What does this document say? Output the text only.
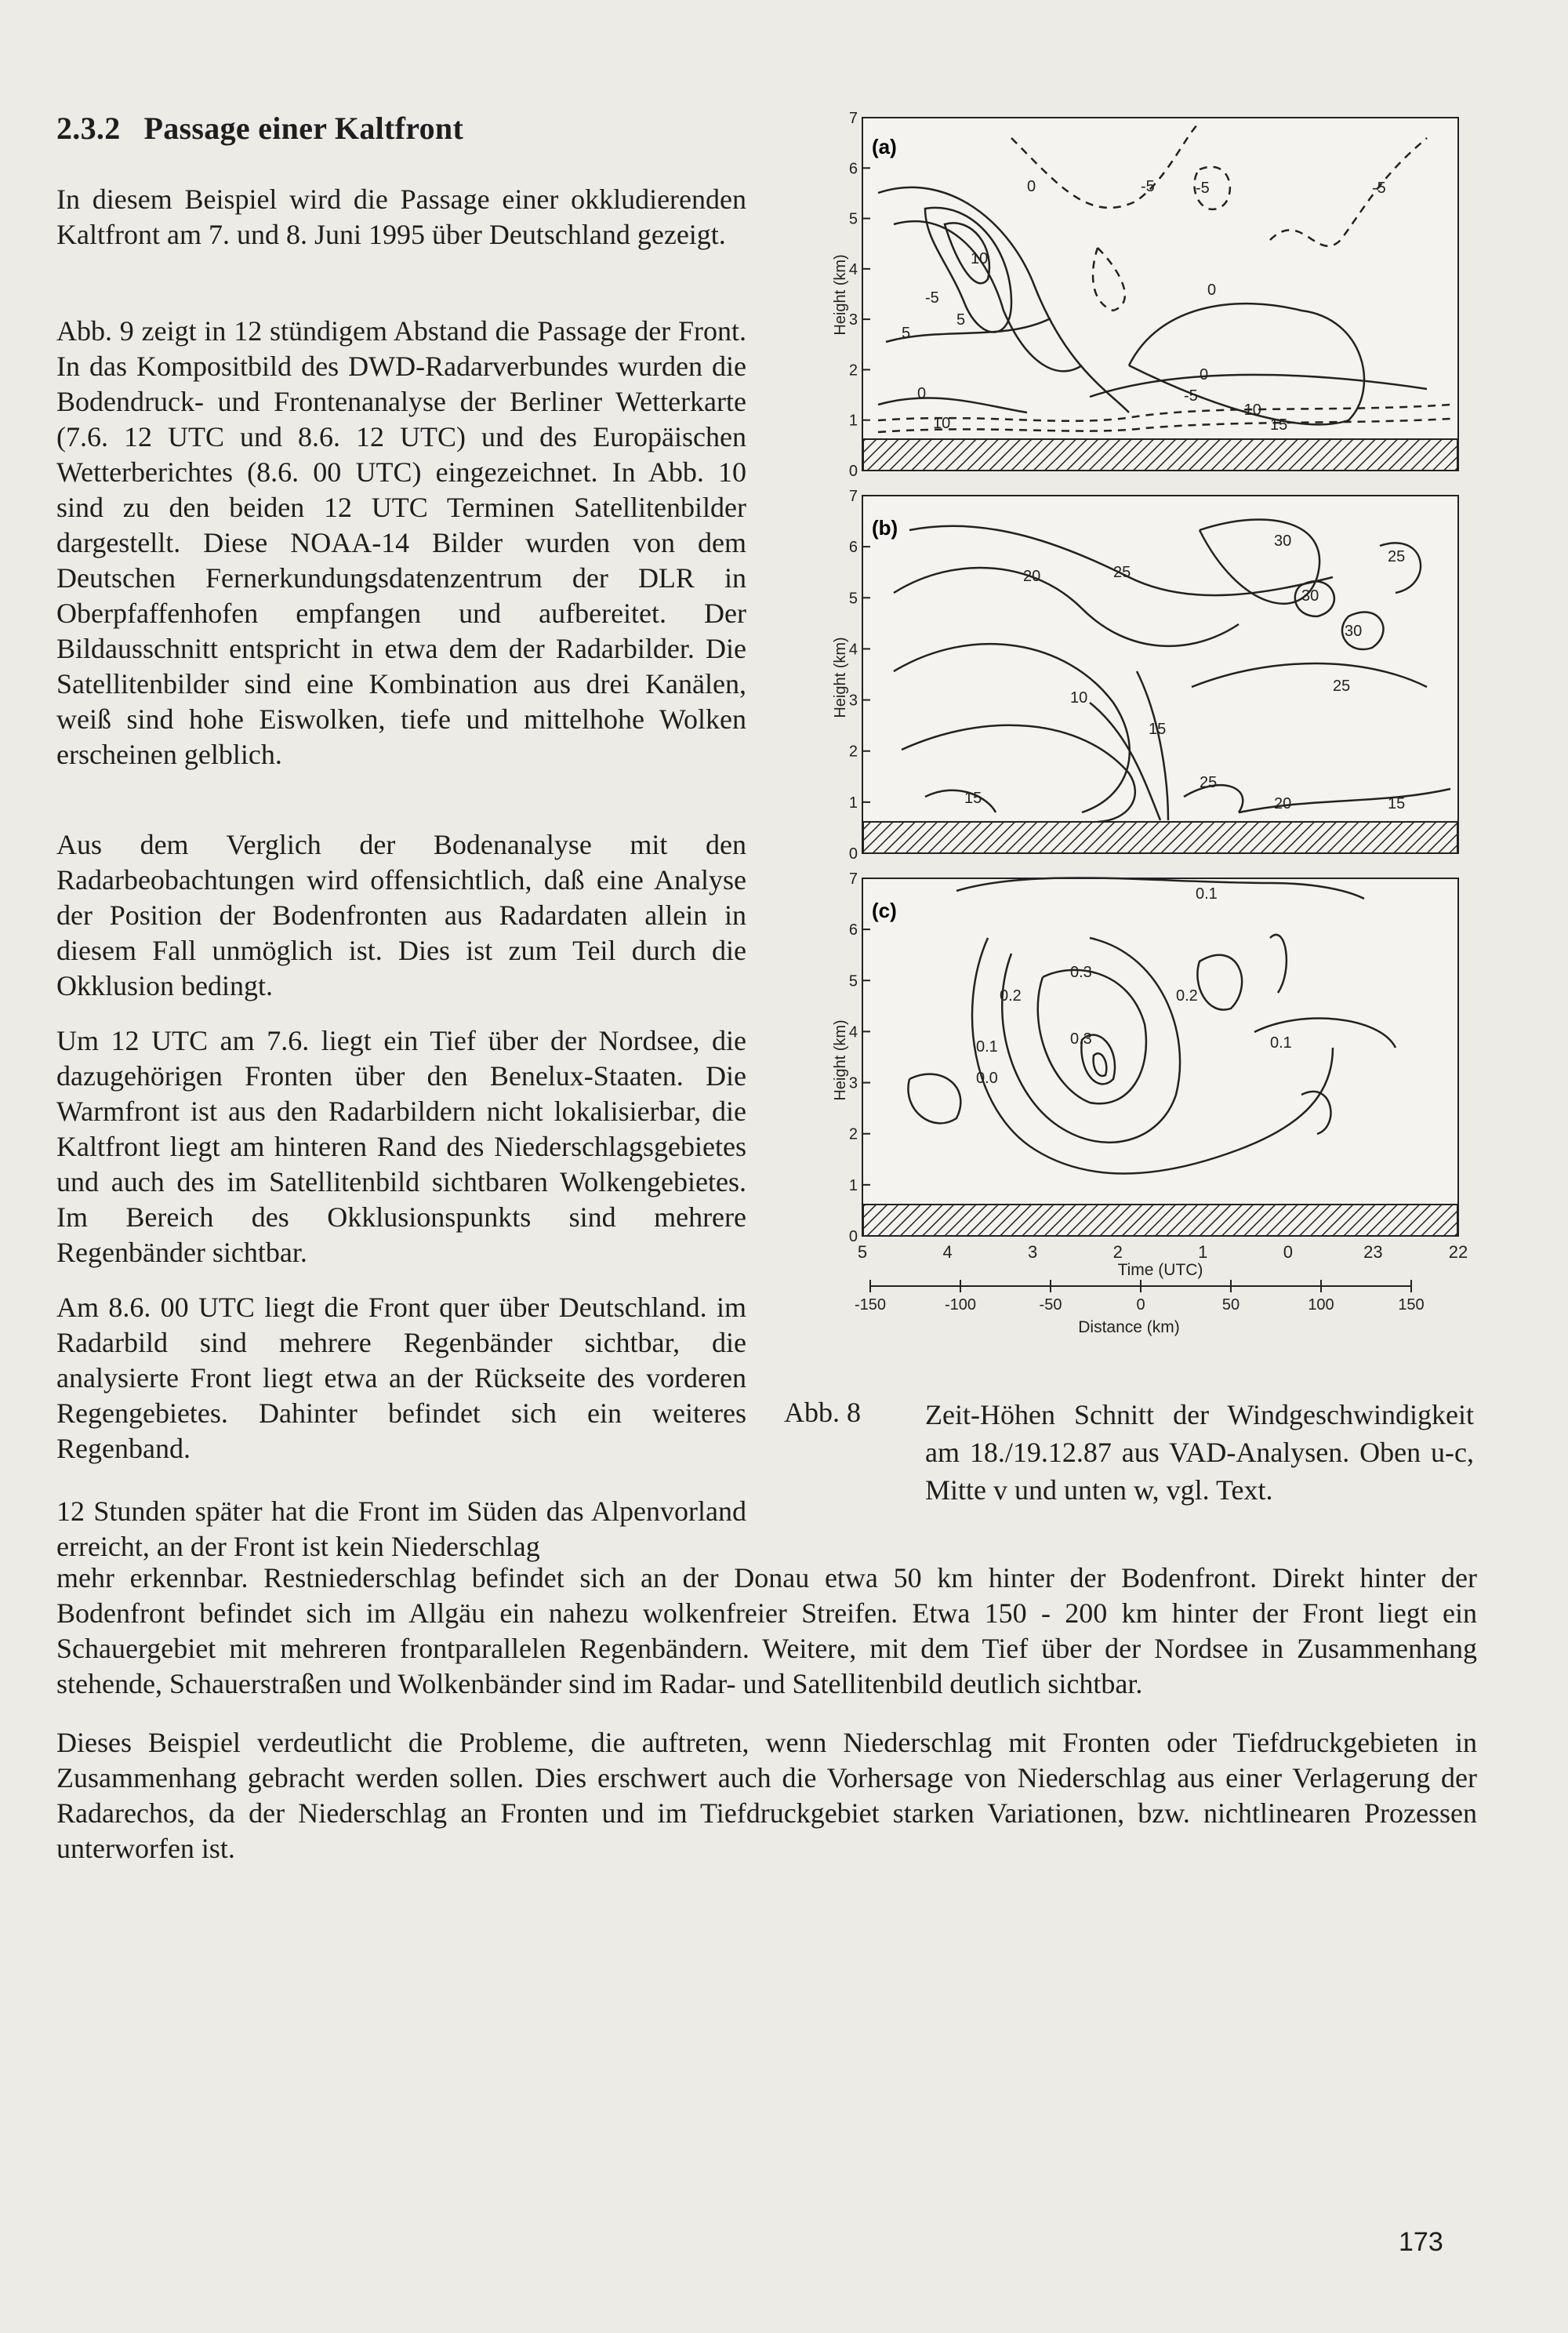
2.3.2 Passage einer Kaltfront

In diesem Beispiel wird die Passage einer okkludierenden Kaltfront am 7. und 8. Juni 1995 über Deutschland gezeigt.

Abb. 9 zeigt in 12 stündigem Abstand die Passage der Front. In das Kompositbild des DWD-Radarverbundes wurden die Bodendruck- und Frontenanalyse der Berliner Wetterkarte (7.6. 12 UTC und 8.6. 12 UTC) und des Europäischen Wetterberichtes (8.6. 00 UTC) eingezeichnet. In Abb. 10 sind zu den beiden 12 UTC Terminen Satellitenbilder dargestellt. Diese NOAA-14 Bilder wurden von dem Deutschen Fernerkundungsdatenzentrum der DLR in Oberpfaffenhofen empfangen und aufbereitet. Der Bildausschnitt entspricht in etwa dem der Radarbilder. Die Satellitenbilder sind eine Kombination aus drei Kanälen, weiß sind hohe Eiswolken, tiefe und mittelhohe Wolken erscheinen gelblich.

Aus dem Verglich der Bodenanalyse mit den Radarbeobachtungen wird offensichtlich, daß eine Analyse der Position der Bodenfronten aus Radardaten allein in diesem Fall unmöglich ist. Dies ist zum Teil durch die Okklusion bedingt.

Um 12 UTC am 7.6. liegt ein Tief über der Nordsee, die dazugehörigen Fronten über den Benelux-Staaten. Die Warmfront ist aus den Radarbildern nicht lokalisierbar, die Kaltfront liegt am hinteren Rand des Niederschlagsgebietes und auch des im Satellitenbild sichtbaren Wolkengebietes. Im Bereich des Okklusionspunkts sind mehrere Regenbänder sichtbar.

Am 8.6. 00 UTC liegt die Front quer über Deutschland. im Radarbild sind mehrere Regenbänder sichtbar, die analysierte Front liegt etwa an der Rückseite des vorderen Regengebietes. Dahinter befindet sich ein weiteres Regenband.

12 Stunden später hat die Front im Süden das Alpenvorland erreicht, an der Front ist kein Niederschlag

mehr erkennbar. Restniederschlag befindet sich an der Donau etwa 50 km hinter der Bodenfront. Direkt hinter der Bodenfront befindet sich im Allgäu ein nahezu wolkenfreier Streifen. Etwa 150 - 200 km hinter der Front liegt ein Schauergebiet mit mehreren frontparallelen Regenbändern. Weitere, mit dem Tief über der Nordsee in Zusammenhang stehende, Schauerstraßen und Wolkenbänder sind im Radar- und Satellitenbild deutlich sichtbar.

Dieses Beispiel verdeutlicht die Probleme, die auftreten, wenn Niederschlag mit Fronten oder Tiefdruckgebieten in Zusammenhang gebracht werden sollen. Dies erschwert auch die Vorhersage von Niederschlag aus einer Verlagerung der Radarechos, da der Niederschlag an Fronten und im Tiefdruckgebiet starken Variationen, bzw. nichtlinearen Prozessen unterworfen ist.

(a)
0
-5
-5	-5
5
10
5
-5
0
0
-5
-10
10	15
0
(b)
25
20
30
25
30
30
25
15
10
25
15	20	15
(c)
0.1
0.2
0.3
0.2
0.1
0.0
0.3	0.1
Height (km)
Height (km)
Height (km)
0
1
2
3
4
5
6
7
0
1
2
3
4
5
6
7
0
1
2
3
4
5
6
7
5	4	3	2	1	0	23	22
Time (UTC)
-150	-100	-50	0	50	100	150
Distance (km)
Abb. 8 Zeit-Höhen Schnitt der Windgeschwindigkeit am 18./19.12.87 aus VAD-Analysen. Oben u-c, Mitte v und unten w, vgl. Text.
173
